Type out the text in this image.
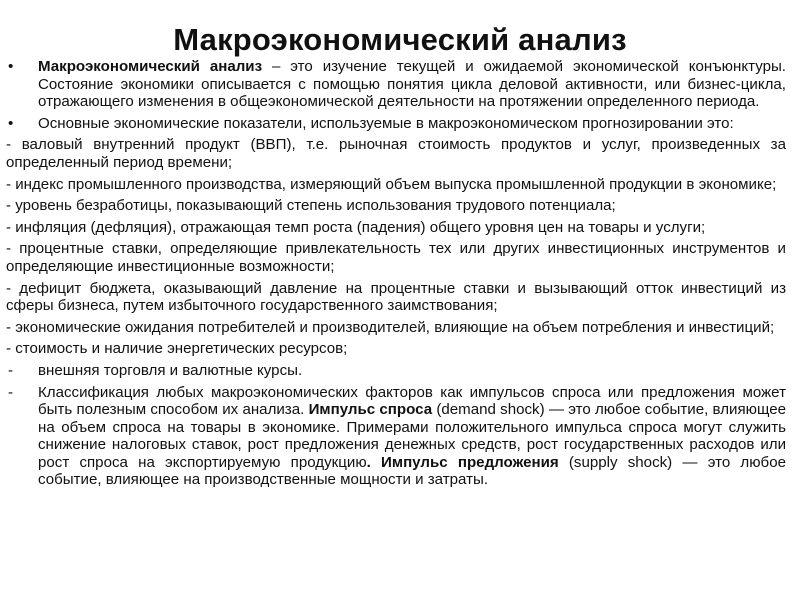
Макроэкономический анализ
• Макроэкономический анализ – это изучение текущей и ожидаемой экономической конъюнктуры. Состояние экономики описывается с помощью понятия цикла деловой активности, или бизнес-цикла, отражающего изменения в общеэкономической деятельности на протяжении определенного периода.
• Основные экономические показатели, используемые в макроэкономическом прогнозировании это:
- валовый внутренний продукт (ВВП), т.е. рыночная стоимость продуктов и услуг, произведенных за определенный период времени;
- индекс промышленного производства, измеряющий объем выпуска промышленной продукции в экономике;
- уровень безработицы, показывающий степень использования трудового потенциала;
- инфляция (дефляция), отражающая темп роста (падения) общего уровня цен на товары и услуги;
- процентные ставки, определяющие привлекательность тех или других инвестиционных инструментов и определяющие инвестиционные возможности;
- дефицит бюджета, оказывающий давление на процентные ставки и вызывающий отток инвестиций из сферы бизнеса, путем избыточного государственного заимствования;
- экономические ожидания потребителей и производителей, влияющие на объем потребления и инвестиций;
- стоимость и наличие энергетических ресурсов;
- внешняя торговля и валютные курсы.
- Классификация любых макроэкономических факторов как импульсов спроса или предложения может быть полезным способом их анализа. Импульс спроса (demand shock) — это любое событие, влияющее на объем спроса на товары в экономике. Примерами положительного импульса спроса могут служить снижение налоговых ставок, рост предложения денежных средств, рост государственных расходов или рост спроса на экспортируемую продукцию. Импульс предложения (supply shock) — это любое событие, влияющее на производственные мощности и затраты.
